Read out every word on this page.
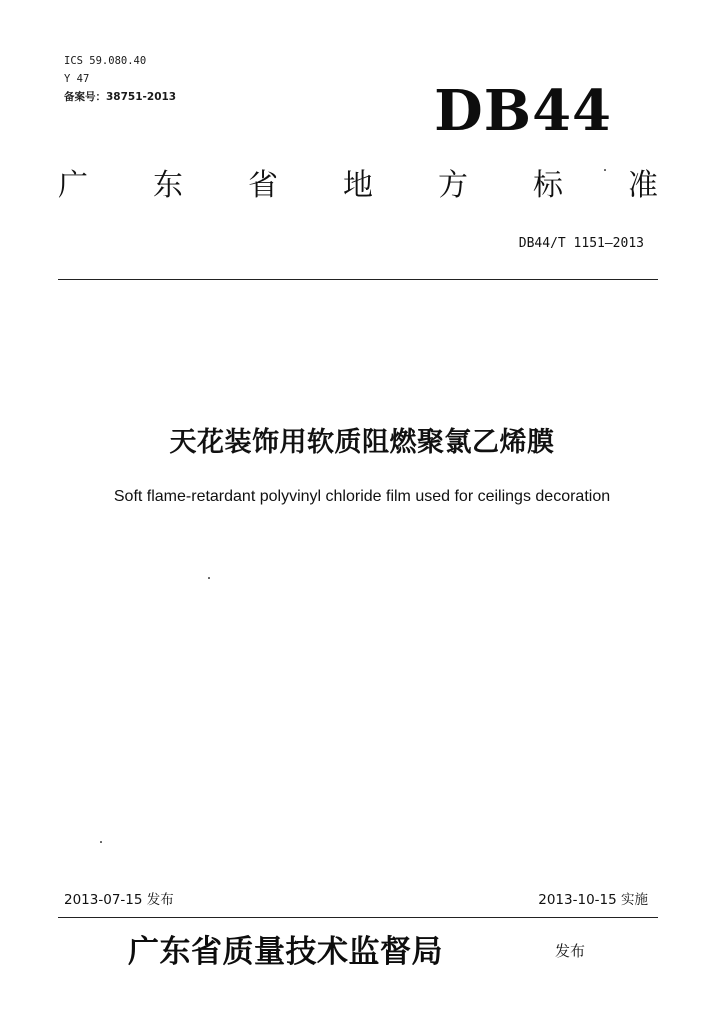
ICS 59.080.40
Y 47
备案号：38751-2013	DB44
广 东 省 地 方 标 准
DB44/T 1151—2013
天花装饰用软质阻燃聚氯乙烯膜
Soft flame-retardant polyvinyl chloride film used for ceilings decoration
2013-07-15 发布	2013-10-15 实施
广东省质量技术监督局	发布
